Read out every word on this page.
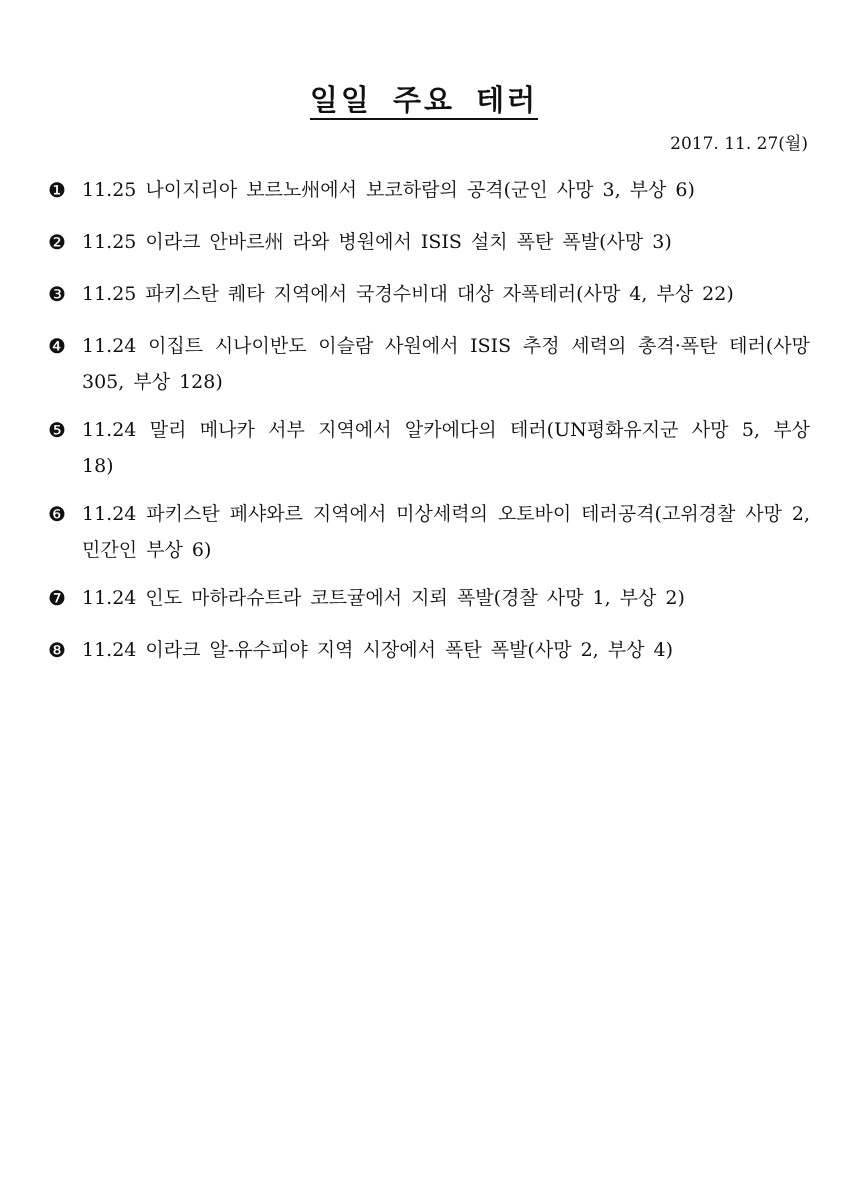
일일 주요 테러
2017. 11. 27(월)
❶ 11.25 나이지리아 보르노州에서 보코하람의 공격(군인 사망 3, 부상 6)
❷ 11.25 이라크 안바르州 라와 병원에서 ISIS 설치 폭탄 폭발(사망 3)
❸ 11.25 파키스탄 퀘타 지역에서 국경수비대 대상 자폭테러(사망 4, 부상 22)
❹ 11.24 이집트 시나이반도 이슬람 사원에서 ISIS 추정 세력의 총격·폭탄 테러(사망 305, 부상 128)
❺ 11.24 말리 메나카 서부 지역에서 알카에다의 테러(UN평화유지군 사망 5, 부상 18)
❻ 11.24 파키스탄 페샤와르 지역에서 미상세력의 오토바이 테러공격(고위경찰 사망 2, 민간인 부상 6)
❼ 11.24 인도 마하라슈트라 코트귤에서 지뢰 폭발(경찰 사망 1, 부상 2)
❽ 11.24 이라크 알-유수피야 지역 시장에서 폭탄 폭발(사망 2, 부상 4)
